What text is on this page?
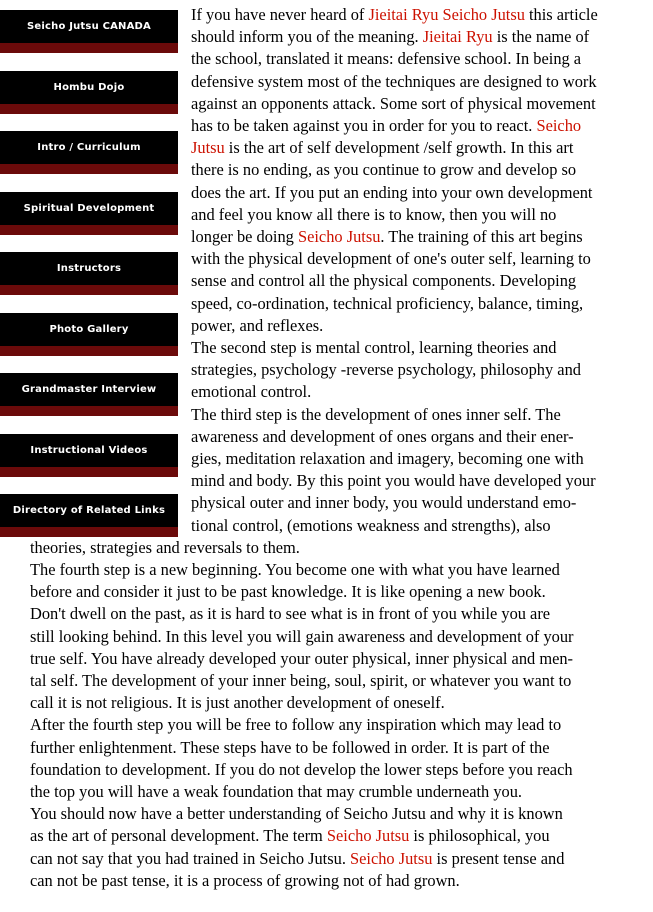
Seicho Jutsu CANADA
Hombu Dojo
Intro / Curriculum
Spiritual Development
Instructors
Photo Gallery
Grandmaster Interview
Instructional Videos
Directory of Related Links
If you have never heard of Jieitai Ryu Seicho Jutsu this article
should inform you of the meaning. Jieitai Ryu is the name of
the school, translated it means: defensive school. In being a
defensive system most of the techniques are designed to work
against an opponents attack. Some sort of physical movement
has to be taken against you in order for you to react. Seicho
Jutsu is the art of self development /self growth. In this art
there is no ending, as you continue to grow and develop so
does the art. If you put an ending into your own development
and feel you know all there is to know, then you will no
longer be doing Seicho Jutsu. The training of this art begins
with the physical development of one's outer self, learning to
sense and control all the physical components. Developing
speed, co-ordination, technical proficiency, balance, timing,
power, and reflexes.
The second step is mental control, learning theories and
strategies, psychology -reverse psychology, philosophy and
emotional control.
The third step is the development of ones inner self. The
awareness and development of ones organs and their ener-
gies, meditation relaxation and imagery, becoming one with
mind and body. By this point you would have developed your
physical outer and inner body, you would understand emo-
tional control, (emotions weakness and strengths), also
theories, strategies and reversals to them.
The fourth step is a new beginning. You become one with what you have learned
before and consider it just to be past knowledge. It is like opening a new book.
Don't dwell on the past, as it is hard to see what is in front of you while you are
still looking behind. In this level you will gain awareness and development of your
true self. You have already developed your outer physical, inner physical and men-
tal self. The development of your inner being, soul, spirit, or whatever you want to
call it is not religious. It is just another development of oneself.
After the fourth step you will be free to follow any inspiration which may lead to
further enlightenment. These steps have to be followed in order. It is part of the
foundation to development. If you do not develop the lower steps before you reach
the top you will have a weak foundation that may crumble underneath you.
You should now have a better understanding of Seicho Jutsu and why it is known
as the art of personal development. The term Seicho Jutsu is philosophical, you
can not say that you had trained in Seicho Jutsu. Seicho Jutsu is present tense and
can not be past tense, it is a process of growing not of had grown.
